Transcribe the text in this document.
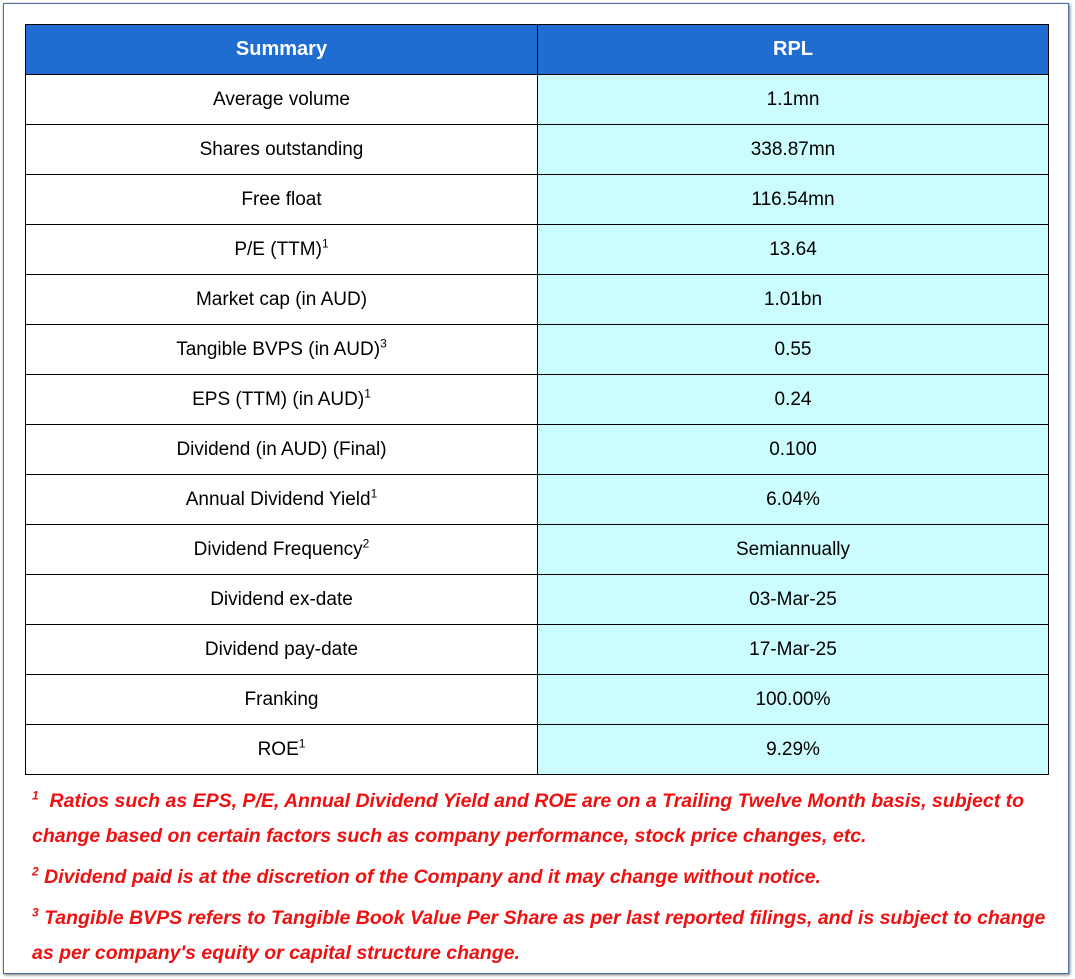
Summary	RPL
Average volume	1.1mn
Shares outstanding	338.87mn
Free float	116.54mn
P/E (TTM)$^1$	13.64
Market cap (in AUD)	1.01bn
Tangible BVPS (in AUD)$^3$	0.55
EPS (TTM) (in AUD)$^1$	0.24
Dividend (in AUD) (Final)	0.100
Annual Dividend Yield$^1$	6.04%
Dividend Frequency$^2$	Semiannually
Dividend ex-date	03-Mar-25
Dividend pay-date	17-Mar-25
Franking	100.00%
ROE$^1$	9.29%
$^1$ Ratios such as EPS, P/E, Annual Dividend Yield and ROE are on a Trailing Twelve Month basis, subject to change based on certain factors such as company performance, stock price changes, etc.
$^2$ Dividend paid is at the discretion of the Company and it may change without notice.
$^3$ Tangible BVPS refers to Tangible Book Value Per Share as per last reported filings, and is subject to change as per company's equity or capital structure change.
